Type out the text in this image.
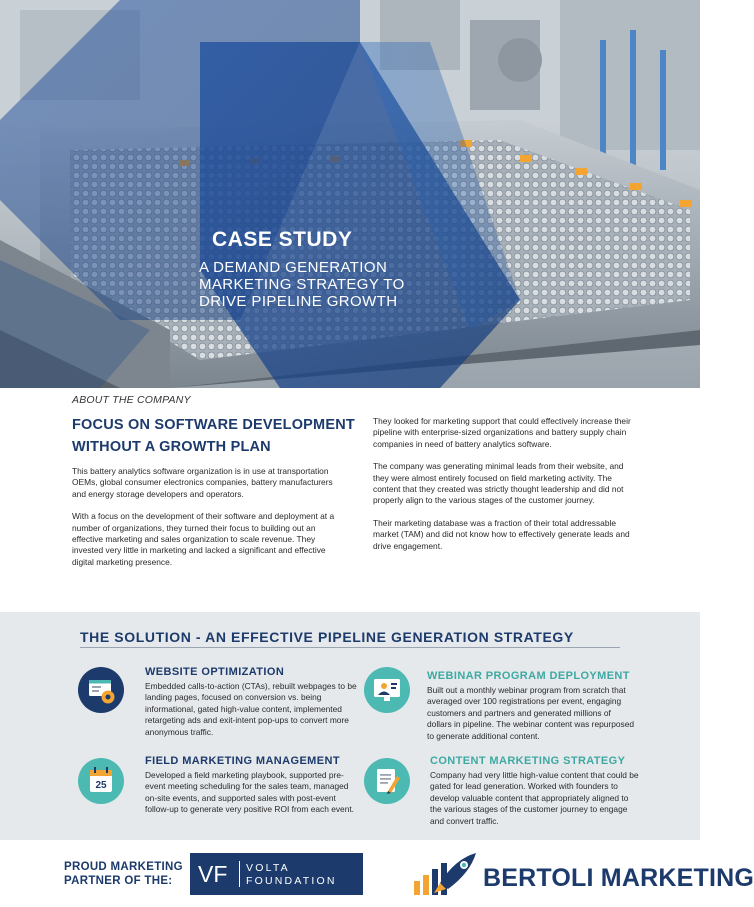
CASE STUDY
A DEMAND GENERATION
MARKETING STRATEGY TO
DRIVE PIPELINE GROWTH
ABOUT THE COMPANY
FOCUS ON SOFTWARE DEVELOPMENT
WITHOUT A GROWTH PLAN

This battery analytics software organization is in use at transportation OEMs, global consumer electronics companies, battery manufacturers and energy storage developers and operators.

With a focus on the development of their software and deployment at a number of organizations, they turned their focus to building out an effective marketing and sales organization to scale revenue. They invested very little in marketing and lacked a significant and effective digital marketing presence.

They looked for marketing support that could effectively increase their pipeline with enterprise-sized organizations and battery supply chain companies in need of battery analytics software.

The company was generating minimal leads from their website, and they were almost entirely focused on field marketing activity. The content that they created was strictly thought leadership and did not properly align to the various stages of the customer journey.

Their marketing database was a fraction of their total addressable market (TAM) and did not know how to effectively generate leads and drive engagement.

THE SOLUTION - AN EFFECTIVE PIPELINE GENERATION STRATEGY
WEBSITE OPTIMIZATION
Embedded calls-to-action (CTAs), rebuilt webpages to be landing pages, focused on conversion vs. being informational, gated high-value content, implemented retargeting ads and exit-intent pop-ups to convert more anonymous traffic.
WEBINAR PROGRAM DEPLOYMENT
Built out a monthly webinar program from scratch that averaged over 100 registrations per event, engaging customers and partners and generated millions of dollars in pipeline. The webinar content was repurposed to generate additional content.
25
FIELD MARKETING MANAGEMENT
Developed a field marketing playbook, supported pre-event meeting scheduling for the sales team, managed on-site events, and supported sales with post-event follow-up to generate very positive ROI from each event.
CONTENT MARKETING STRATEGY
Company had very little high-value content that could be gated for lead generation. Worked with founders to develop valuable content that appropriately aligned to the various stages of the customer journey to engage and convert traffic.
PROUD MARKETING
PARTNER OF THE:	VF VOLTA
FOUNDATION	BERTOLI MARKETING
